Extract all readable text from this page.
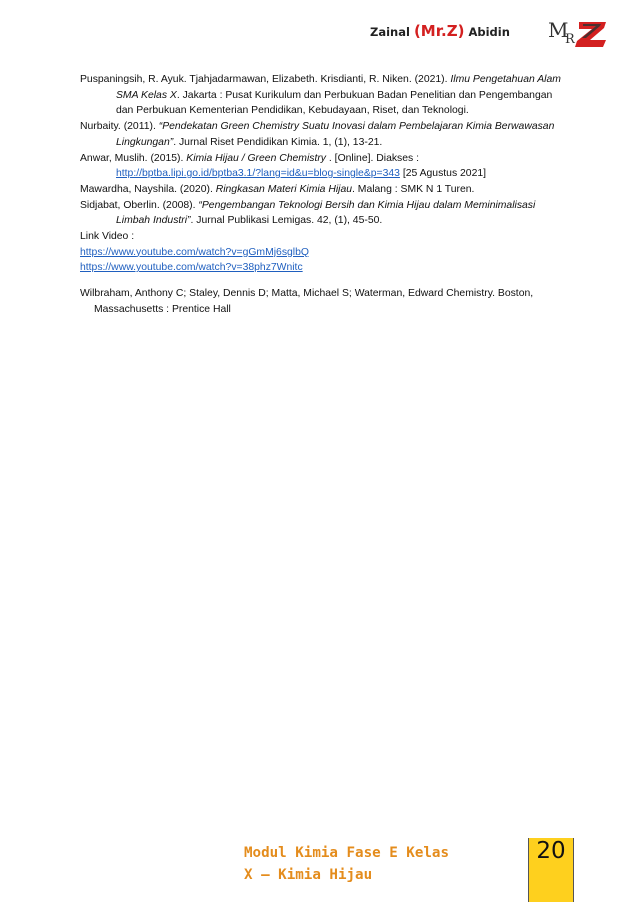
Zainal (Mr.Z) Abidin M
R

Puspaningsih, R. Ayuk. Tjahjadarmawan, Elizabeth. Krisdianti, R. Niken. (2021). Ilmu Pengetahuan Alam SMA Kelas X. Jakarta : Pusat Kurikulum dan Perbukuan Badan Penelitian dan Pengembangan dan Perbukuan Kementerian Pendidikan, Kebudayaan, Riset, dan Teknologi.

Nurbaity. (2011). “Pendekatan Green Chemistry Suatu Inovasi dalam Pembelajaran Kimia Berwawasan Lingkungan”. Jurnal Riset Pendidikan Kimia. 1, (1), 13-21.

Anwar, Muslih. (2015). Kimia Hijau / Green Chemistry . [Online]. Diakses :
http://bptba.lipi.go.id/bptba3.1/?lang=id&u=blog-single&p=343 [25 Agustus 2021]

Mawardha, Nayshila. (2020). Ringkasan Materi Kimia Hijau. Malang : SMK N 1 Turen.

Sidjabat, Oberlin. (2008). “Pengembangan Teknologi Bersih dan Kimia Hijau dalam Meminimalisasi Limbah Industri”. Jurnal Publikasi Lemigas. 42, (1), 45-50.

Link Video :

https://www.youtube.com/watch?v=gGmMj6sglbQ

https://www.youtube.com/watch?v=38phz7Wnitc

Wilbraham, Anthony C; Staley, Dennis D; Matta, Michael S; Waterman, Edward Chemistry. Boston, Massachusetts : Prentice Hall

Modul Kimia Fase E Kelas
X – Kimia Hijau
20
